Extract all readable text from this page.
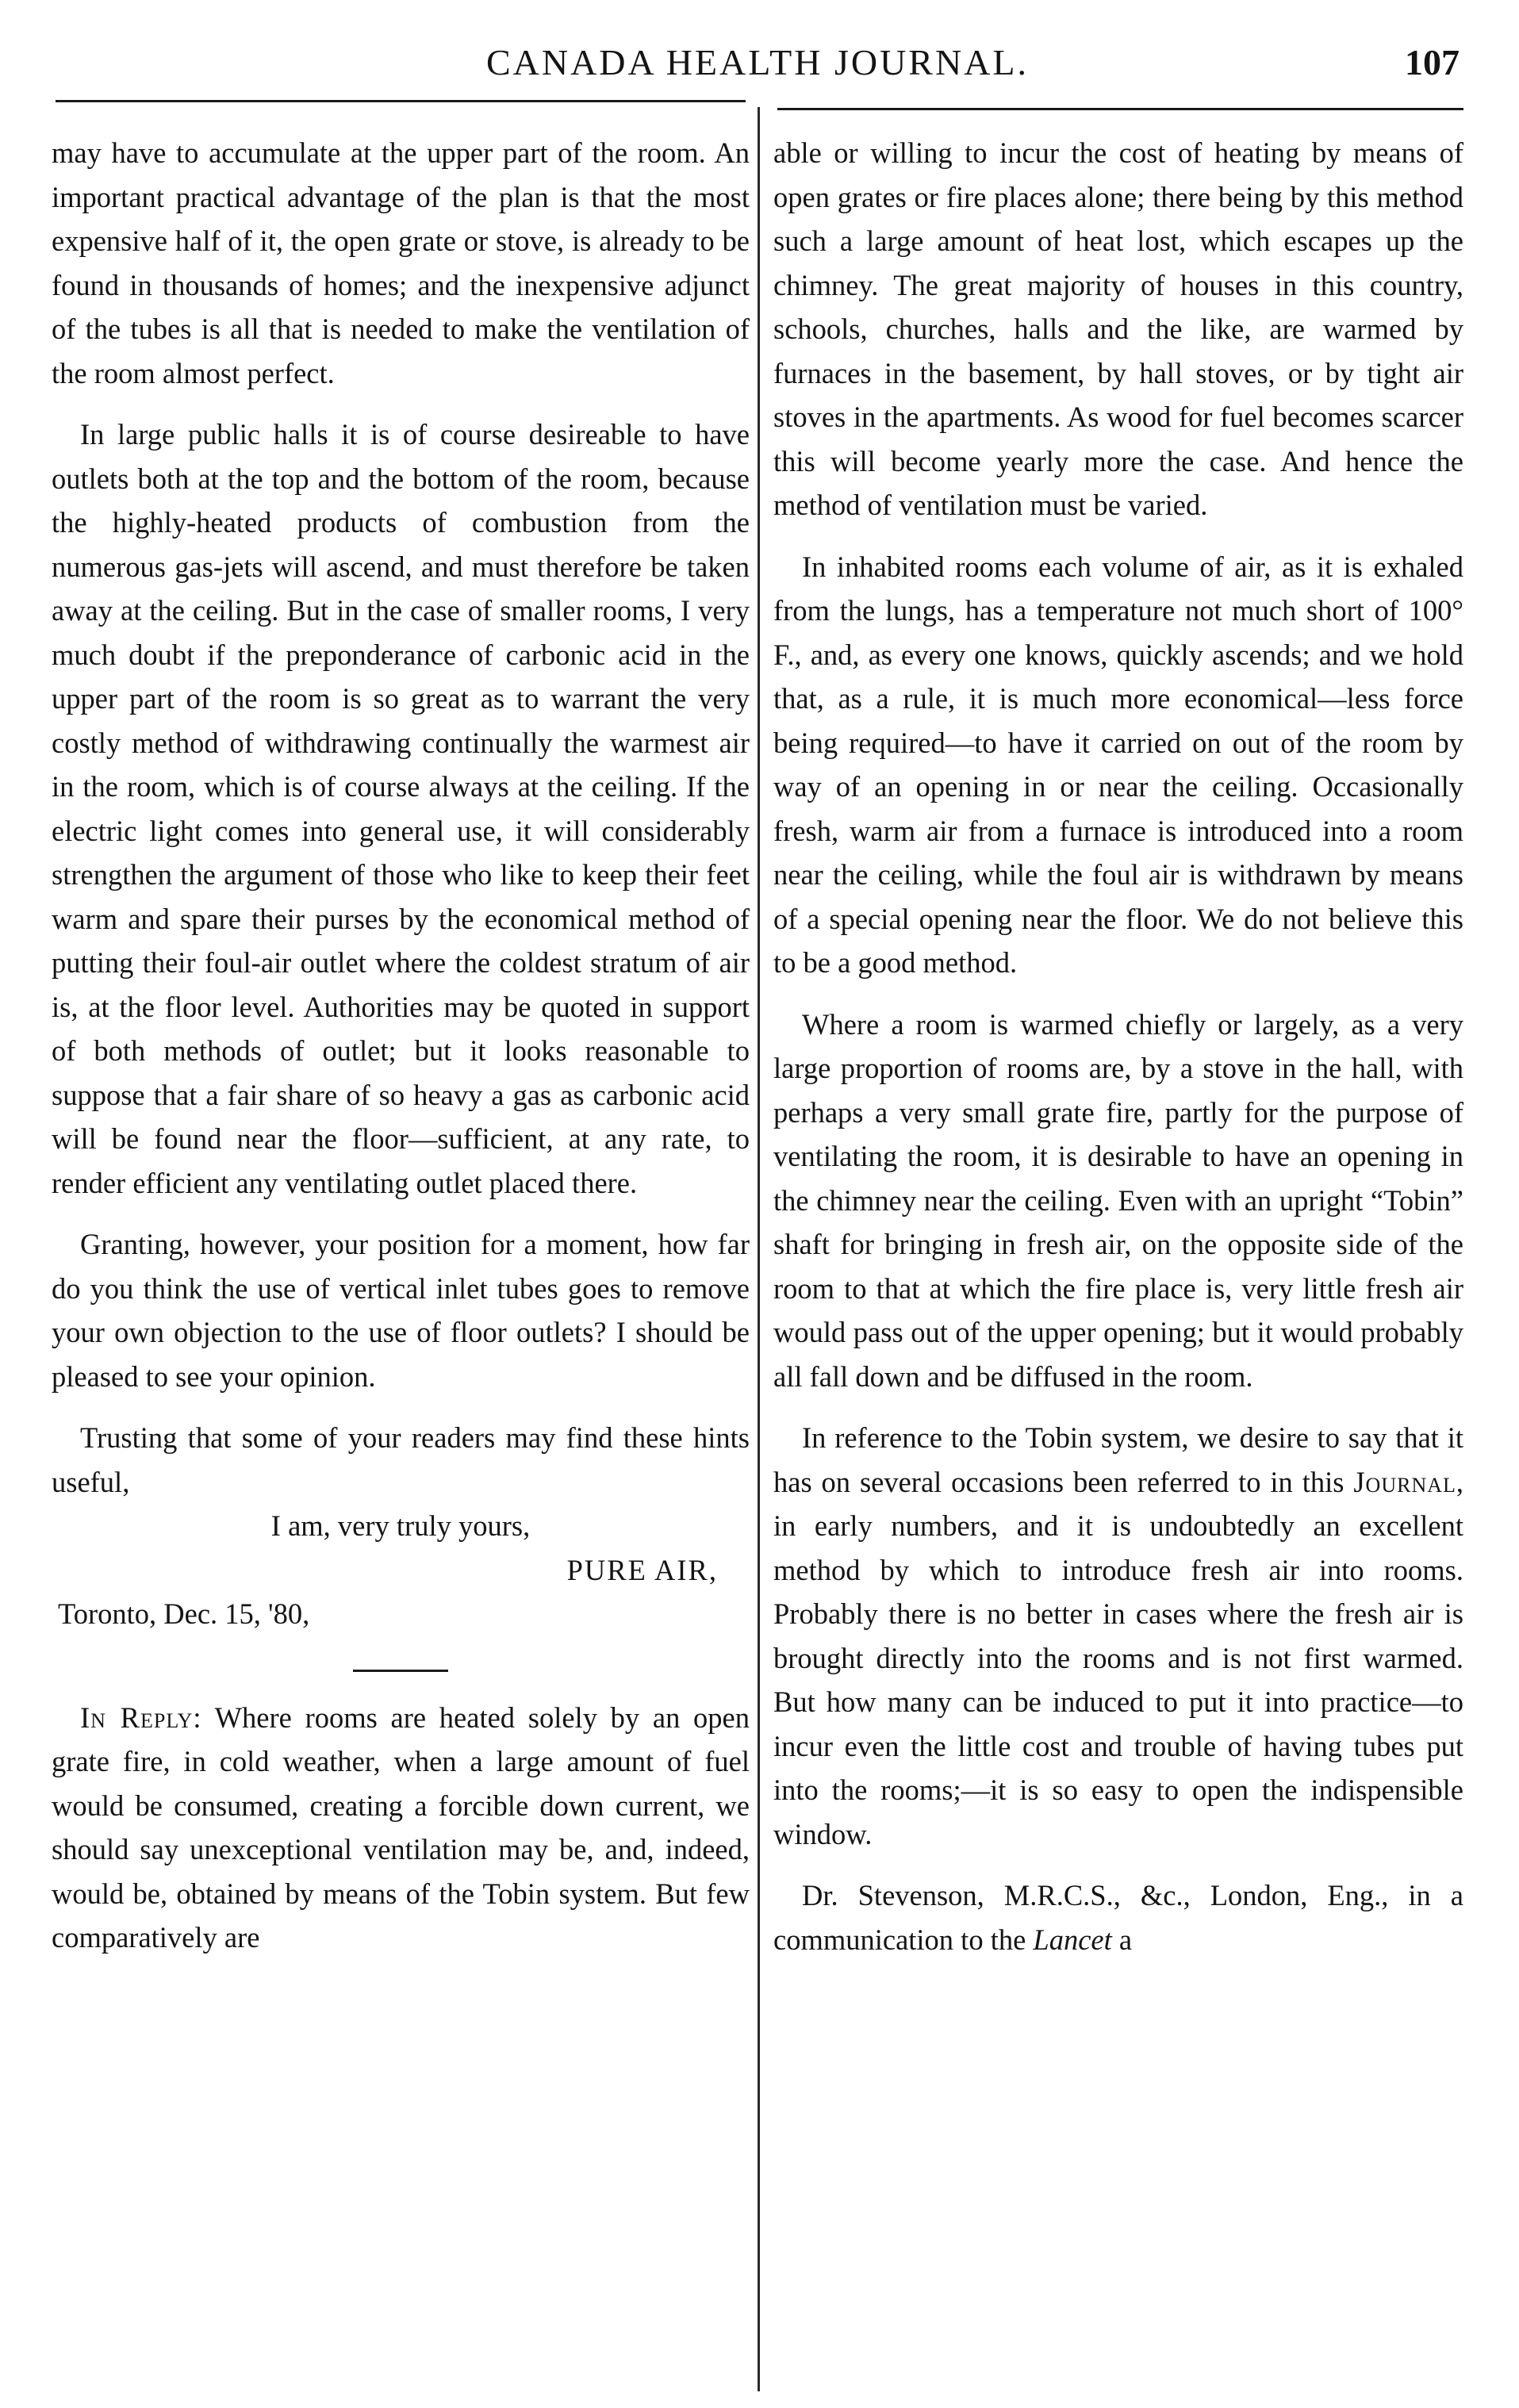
CANADA HEALTH JOURNAL.	107

may have to accumulate at the upper part of the room. An important practical advantage of the plan is that the most expensive half of it, the open grate or stove, is already to be found in thousands of homes; and the inexpensive adjunct of the tubes is all that is needed to make the ventilation of the room almost perfect.

In large public halls it is of course desireable to have outlets both at the top and the bottom of the room, because the highly-heated products of combustion from the numerous gas-jets will ascend, and must therefore be taken away at the ceiling. But in the case of smaller rooms, I very much doubt if the preponderance of carbonic acid in the upper part of the room is so great as to warrant the very costly method of withdrawing continually the warmest air in the room, which is of course always at the ceiling. If the electric light comes into general use, it will considerably strengthen the argument of those who like to keep their feet warm and spare their purses by the economical method of putting their foul-air outlet where the coldest stratum of air is, at the floor level. Authorities may be quoted in support of both methods of outlet; but it looks reasonable to suppose that a fair share of so heavy a gas as carbonic acid will be found near the floor—sufficient, at any rate, to render efficient any ventilating outlet placed there.

Granting, however, your position for a moment, how far do you think the use of vertical inlet tubes goes to remove your own objection to the use of floor outlets? I should be pleased to see your opinion.

Trusting that some of your readers may find these hints useful,

I am, very truly yours,

PURE AIR,

Toronto, Dec. 15, '80,

In Reply: Where rooms are heated solely by an open grate fire, in cold weather, when a large amount of fuel would be consumed, creating a forcible down current, we should say unexceptional ventilation may be, and, indeed, would be, obtained by means of the Tobin system. But few comparatively are

able or willing to incur the cost of heating by means of open grates or fire places alone; there being by this method such a large amount of heat lost, which escapes up the chimney. The great majority of houses in this country, schools, churches, halls and the like, are warmed by furnaces in the basement, by hall stoves, or by tight air stoves in the apartments. As wood for fuel becomes scarcer this will become yearly more the case. And hence the method of ventilation must be varied.

In inhabited rooms each volume of air, as it is exhaled from the lungs, has a temperature not much short of 100° F., and, as every one knows, quickly ascends; and we hold that, as a rule, it is much more economical—less force being required—to have it carried on out of the room by way of an opening in or near the ceiling. Occasionally fresh, warm air from a furnace is introduced into a room near the ceiling, while the foul air is withdrawn by means of a special opening near the floor. We do not believe this to be a good method.

Where a room is warmed chiefly or largely, as a very large proportion of rooms are, by a stove in the hall, with perhaps a very small grate fire, partly for the purpose of ventilating the room, it is desirable to have an opening in the chimney near the ceiling. Even with an upright “Tobin” shaft for bringing in fresh air, on the opposite side of the room to that at which the fire place is, very little fresh air would pass out of the upper opening; but it would probably all fall down and be diffused in the room.

In reference to the Tobin system, we desire to say that it has on several occasions been referred to in this Journal, in early numbers, and it is undoubtedly an excellent method by which to introduce fresh air into rooms. Probably there is no better in cases where the fresh air is brought directly into the rooms and is not first warmed. But how many can be induced to put it into practice—to incur even the little cost and trouble of having tubes put into the rooms;—it is so easy to open the indispensible window.

Dr. Stevenson, M.R.C.S., &c., London, Eng., in a communication to the Lancet a
